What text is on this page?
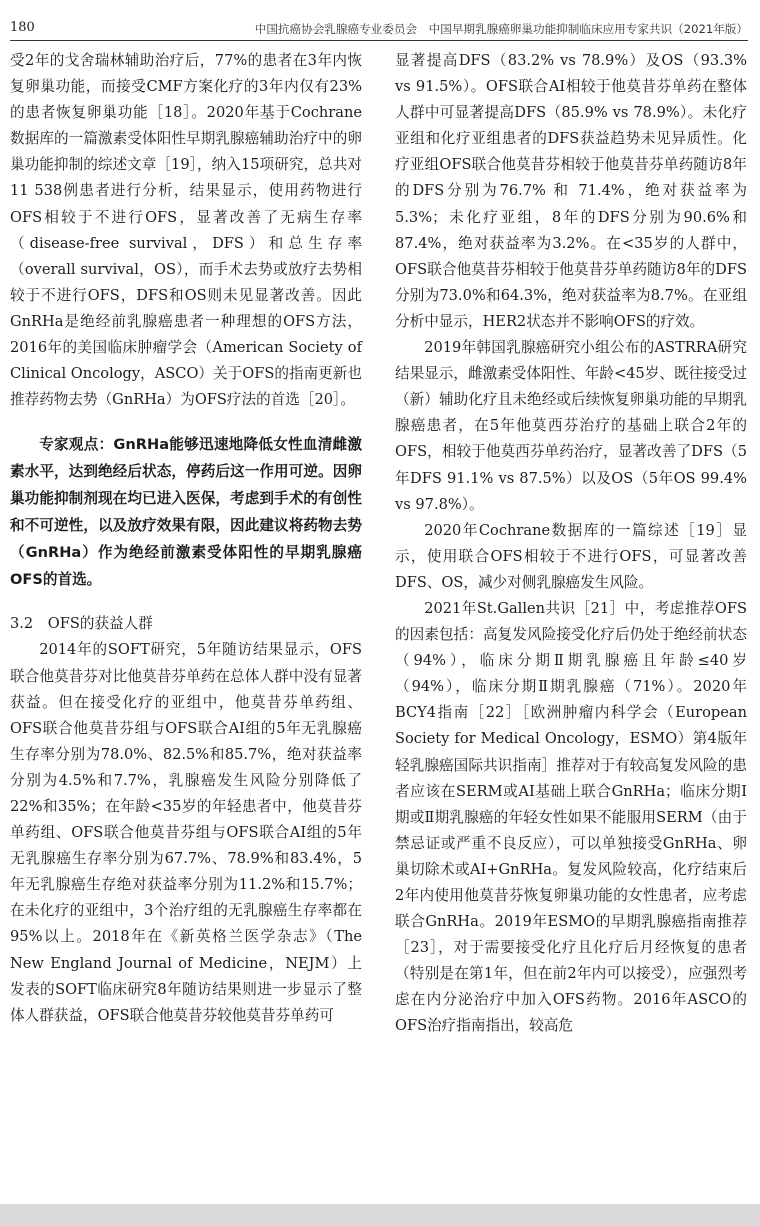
180	中国抗癌协会乳腺癌专业委员会　中国早期乳腺癌卵巢功能抑制临床应用专家共识（2021年版）

受2年的戈舍瑞林辅助治疗后，77%的患者在3年内恢复卵巢功能，而接受CMF方案化疗的3年内仅有23%的患者恢复卵巢功能［18］。2020年基于Cochrane数据库的一篇激素受体阳性早期乳腺癌辅助治疗中的卵巢功能抑制的综述文章［19］，纳入15项研究，总共对11 538例患者进行分析，结果显示，使用药物进行OFS相较于不进行OFS，显著改善了无病生存率（disease-free survival，DFS）和总生存率（overall survival，OS），而手术去势或放疗去势相较于不进行OFS，DFS和OS则未见显著改善。因此GnRHa是绝经前乳腺癌患者一种理想的OFS方法，2016年的美国临床肿瘤学会（American Society of Clinical Oncology，ASCO）关于OFS的指南更新也推荐药物去势（GnRHa）为OFS疗法的首选［20］。

专家观点：GnRHa能够迅速地降低女性血清雌激素水平，达到绝经后状态，停药后这一作用可逆。因卵巢功能抑制剂现在均已进入医保，考虑到手术的有创性和不可逆性，以及放疗效果有限，因此建议将药物去势（GnRHa）作为绝经前激素受体阳性的早期乳腺癌OFS的首选。

3.2　OFS的获益人群

2014年的SOFT研究，5年随访结果显示，OFS联合他莫昔芬对比他莫昔芬单药在总体人群中没有显著获益。但在接受化疗的亚组中，他莫昔芬单药组、OFS联合他莫昔芬组与OFS联合AI组的5年无乳腺癌生存率分别为78.0%、82.5%和85.7%，绝对获益率分别为4.5%和7.7%，乳腺癌发生风险分别降低了22%和35%；在年龄<35岁的年轻患者中，他莫昔芬单药组、OFS联合他莫昔芬组与OFS联合AI组的5年无乳腺癌生存率分别为67.7%、78.9%和83.4%，5年无乳腺癌生存绝对获益率分别为11.2%和15.7%；在未化疗的亚组中，3个治疗组的无乳腺癌生存率都在95%以上。2018年在《新英格兰医学杂志》（The New England Journal of Medicine，NEJM）上发表的SOFT临床研究8年随访结果则进一步显示了整体人群获益，OFS联合他莫昔芬较他莫昔芬单药可

显著提高DFS（83.2% vs 78.9%）及OS（93.3% vs 91.5%）。OFS联合AI相较于他莫昔芬单药在整体人群中可显著提高DFS（85.9% vs 78.9%）。未化疗亚组和化疗亚组患者的DFS获益趋势未见异质性。化疗亚组OFS联合他莫昔芬相较于他莫昔芬单药随访8年的DFS分别为76.7% 和 71.4%，绝对获益率为5.3%；未化疗亚组，8年的DFS分别为90.6%和87.4%，绝对获益率为3.2%。在<35岁的人群中，OFS联合他莫昔芬相较于他莫昔芬单药随访8年的DFS分别为73.0%和64.3%，绝对获益率为8.7%。在亚组分析中显示，HER2状态并不影响OFS的疗效。

2019年韩国乳腺癌研究小组公布的ASTRRA研究结果显示，雌激素受体阳性、年龄<45岁、既往接受过（新）辅助化疗且未绝经或后续恢复卵巢功能的早期乳腺癌患者，在5年他莫西芬治疗的基础上联合2年的OFS，相较于他莫西芬单药治疗，显著改善了DFS（5年DFS 91.1% vs 87.5%）以及OS（5年OS 99.4% vs 97.8%）。

2020年Cochrane数据库的一篇综述［19］显示，使用联合OFS相较于不进行OFS，可显著改善DFS、OS，减少对侧乳腺癌发生风险。

2021年St.Gallen共识［21］中，考虑推荐OFS的因素包括：高复发风险接受化疗后仍处于绝经前状态（94%），临床分期Ⅱ期乳腺癌且年龄≤40岁（94%），临床分期Ⅱ期乳腺癌（71%）。2020年BCY4指南［22］［欧洲肿瘤内科学会（European Society for Medical Oncology，ESMO）第4版年轻乳腺癌国际共识指南］推荐对于有较高复发风险的患者应该在SERM或AI基础上联合GnRHa；临床分期Ⅰ期或Ⅱ期乳腺癌的年轻女性如果不能服用SERM（由于禁忌证或严重不良反应），可以单独接受GnRHa、卵巢切除术或AI+GnRHa。复发风险较高，化疗结束后2年内使用他莫昔芬恢复卵巢功能的女性患者，应考虑联合GnRHa。2019年ESMO的早期乳腺癌指南推荐［23］，对于需要接受化疗且化疗后月经恢复的患者（特别是在第1年，但在前2年内可以接受），应强烈考虑在内分泌治疗中加入OFS药物。2016年ASCO的OFS治疗指南指出，较高危
